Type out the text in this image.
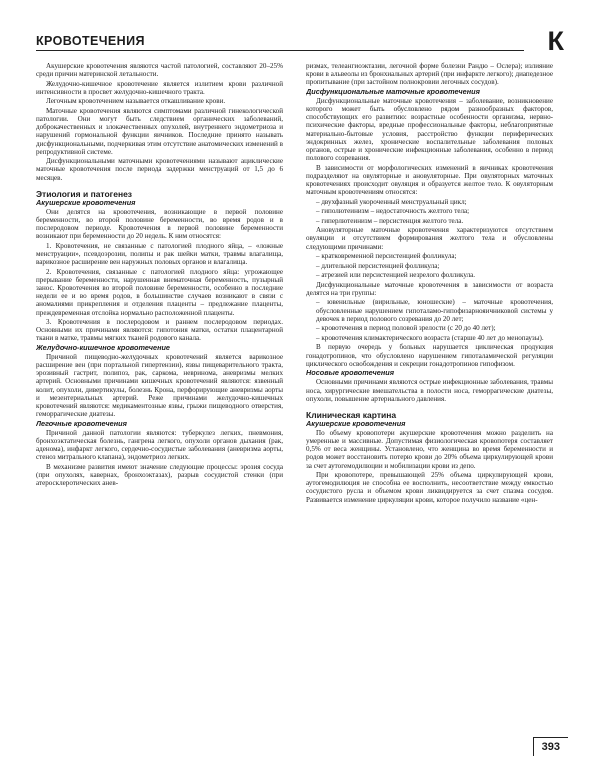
КРОВОТЕЧЕНИЯ	К

Акушерские кровотечения являются частой патологией, составляют 20–25% среди причин материнской летальности.

Желудочно-кишечное кровотечение является излитием крови различной интенсивности в просвет желудочно-кишечного тракта.

Легочным кровотечением называется откашливание крови.

Маточные кровотечения являются симптомами различной гинекологической патологии. Они могут быть следствием органических заболеваний, доброкачественных и злокачественных опухолей, внутреннего эндометриоза и нарушений гормональной функции яичников. Последние принято называть дисфункциональными, подчеркивая этим отсутствие анатомических изменений в репродуктивной системе.

Дисфункциональными маточными кровотечениями называют ациклические маточные кровотечения после периода задержки менструаций от 1,5 до 6 месяцев.

Этиология и патогенез
Акушерские кровотечения

Они делятся на кровотечения, возникающие в первой половине беременности, во второй половине беременности, во время родов и в послеродовом периоде. Кровотечения в первой половине беременности возникают при беременности до 20 недель. К ним относятся:

1. Кровотечения, не связанные с патологией плодного яйца, – «ложные менструации», псевдоэрозии, полипы и рак шейки матки, травмы влагалища, варикозное расширение вен наружных половых органов и влагалища.

2. Кровотечения, связанные с патологией плодного яйца: угрожающее прерывание беременности, нарушенная внематочная беременность, пузырный занос. Кровотечения во второй половине беременности, особенно в последние недели ее и во время родов, в большинстве случаев возникают в связи с аномалиями прикрепления и отделения плаценты – предлежание плаценты, преждевременная отслойка нормально расположенной плаценты.

3. Кровотечения в послеродовом и раннем послеродовом периодах. Основными их причинами являются: гипотония матки, остатки плацентарной ткани в матке, травмы мягких тканей родового канала.

Желудочно-кишечное кровотечение

Причиной пищеводно-желудочных кровотечений является варикозное расширение вен (при портальной гипертензии), язвы пищеварительного тракта, эрозивный гастрит, полипоз, рак, саркома, невринома, аневризмы мелких артерий. Основными причинами кишечных кровотечений являются: язвенный колит, опухоли, дивертикулы, болезнь Крона, перфорирующие аневризмы аорты и мезентериальных артерий. Реже причинами желудочно-кишечных кровотечений являются: медикаментозные язвы, грыжи пищеводного отверстия, геморрагические диатезы.

Легочные кровотечения

Причиной данной патологии являются: туберкулез легких, пневмония, бронхоэктатическая болезнь, гангрена легкого, опухоли органов дыхания (рак, аденома), инфаркт легкого, сердечно-сосудистые заболевания (аневризма аорты, стеноз митрального клапана), эндометриоз легких.

В механизме развития имеют значение следующие процессы: эрозия сосуда (при опухолях, кавернах, бронхоэктазах), разрыв сосудистой стенки (при атеросклеротических анев-

ризмах, телеангиоэктазии, легочной форме болезни Рандю – Ослера); излияние крови в альвеолы из бронхиальных артерий (при инфаркте легкого); диапедезное пропитывание (при застойном полнокровии легочных сосудов).

Дисфункциональные маточные кровотечения

Дисфункциональные маточные кровотечения – заболевание, возникновение которого может быть обусловлено рядом разнообразных факторов, способствующих его развитию: возрастные особенности организма, нервно-психические факторы, вредные профессиональные факторы, неблагоприятные материально-бытовые условия, расстройство функции периферических эндокринных желез, хронические воспалительные заболевания половых органов, острые и хронические инфекционные заболевания, особенно в период полового созревания.

В зависимости от морфологических изменений в яичниках кровотечения подразделяют на овуляторные и ановуляторные. При овуляторных маточных кровотечениях происходит овуляция и образуется желтое тело. К овуляторным маточным кровотечениям относятся:

– двухфазный укороченный менструальный цикл;

– гиполютеинизм – недостаточность желтого тела;

– гиперлютеинизм – персистенция желтого тела.

Ановуляторные маточные кровотечения характеризуются отсутствием овуляции и отсутствием формирования желтого тела и обусловлены следующими причинами:

– кратковременной персистенцией фолликула;

– длительной персистенцией фолликула;

– атрезией или персистенцией незрелого фолликула.

Дисфункциональные маточные кровотечения в зависимости от возраста делятся на три группы:

– ювенильные (вирильные, юношеские) – маточные кровотечения, обусловленные нарушением гипоталамо-гипофизарнояичниковой системы у девочек в период полового созревания до 20 лет;

– кровотечения в период половой зрелости (с 20 до 40 лет);

– кровотечения климактерического возраста (старше 40 лет до менопаузы).

В первую очередь у больных нарушается циклическая продукция гонадотропинов, что обусловлено нарушением гипоталамической регуляции циклического освобождения и секреции гонадотропинов гипофизом.

Носовые кровотечения

Основными причинами являются острые инфекционные заболевания, травмы носа, хирургические вмешательства в полости носа, геморрагические диатезы, опухоли, повышение артериального давления.

Клиническая картина
Акушерские кровотечения

По объему кровопотери акушерские кровотечения можно разделить на умеренные и массивные. Допустимая физиологическая кровопотеря составляет 0,5% от веса женщины. Установлено, что женщина во время беременности и родов может восстановить потерю крови до 20% объема циркулирующей крови за счет аутогемодилюции и мобилизации крови из депо.

При кровопотере, превышающей 25% объема циркулирующей крови, аутогемодилюция не способна ее восполнить, несоответствие между емкостью сосудистого русла и объемом крови ликвидируется за счет спазма сосудов. Развивается изменение циркуляции крови, которое получило название «цен-

393
